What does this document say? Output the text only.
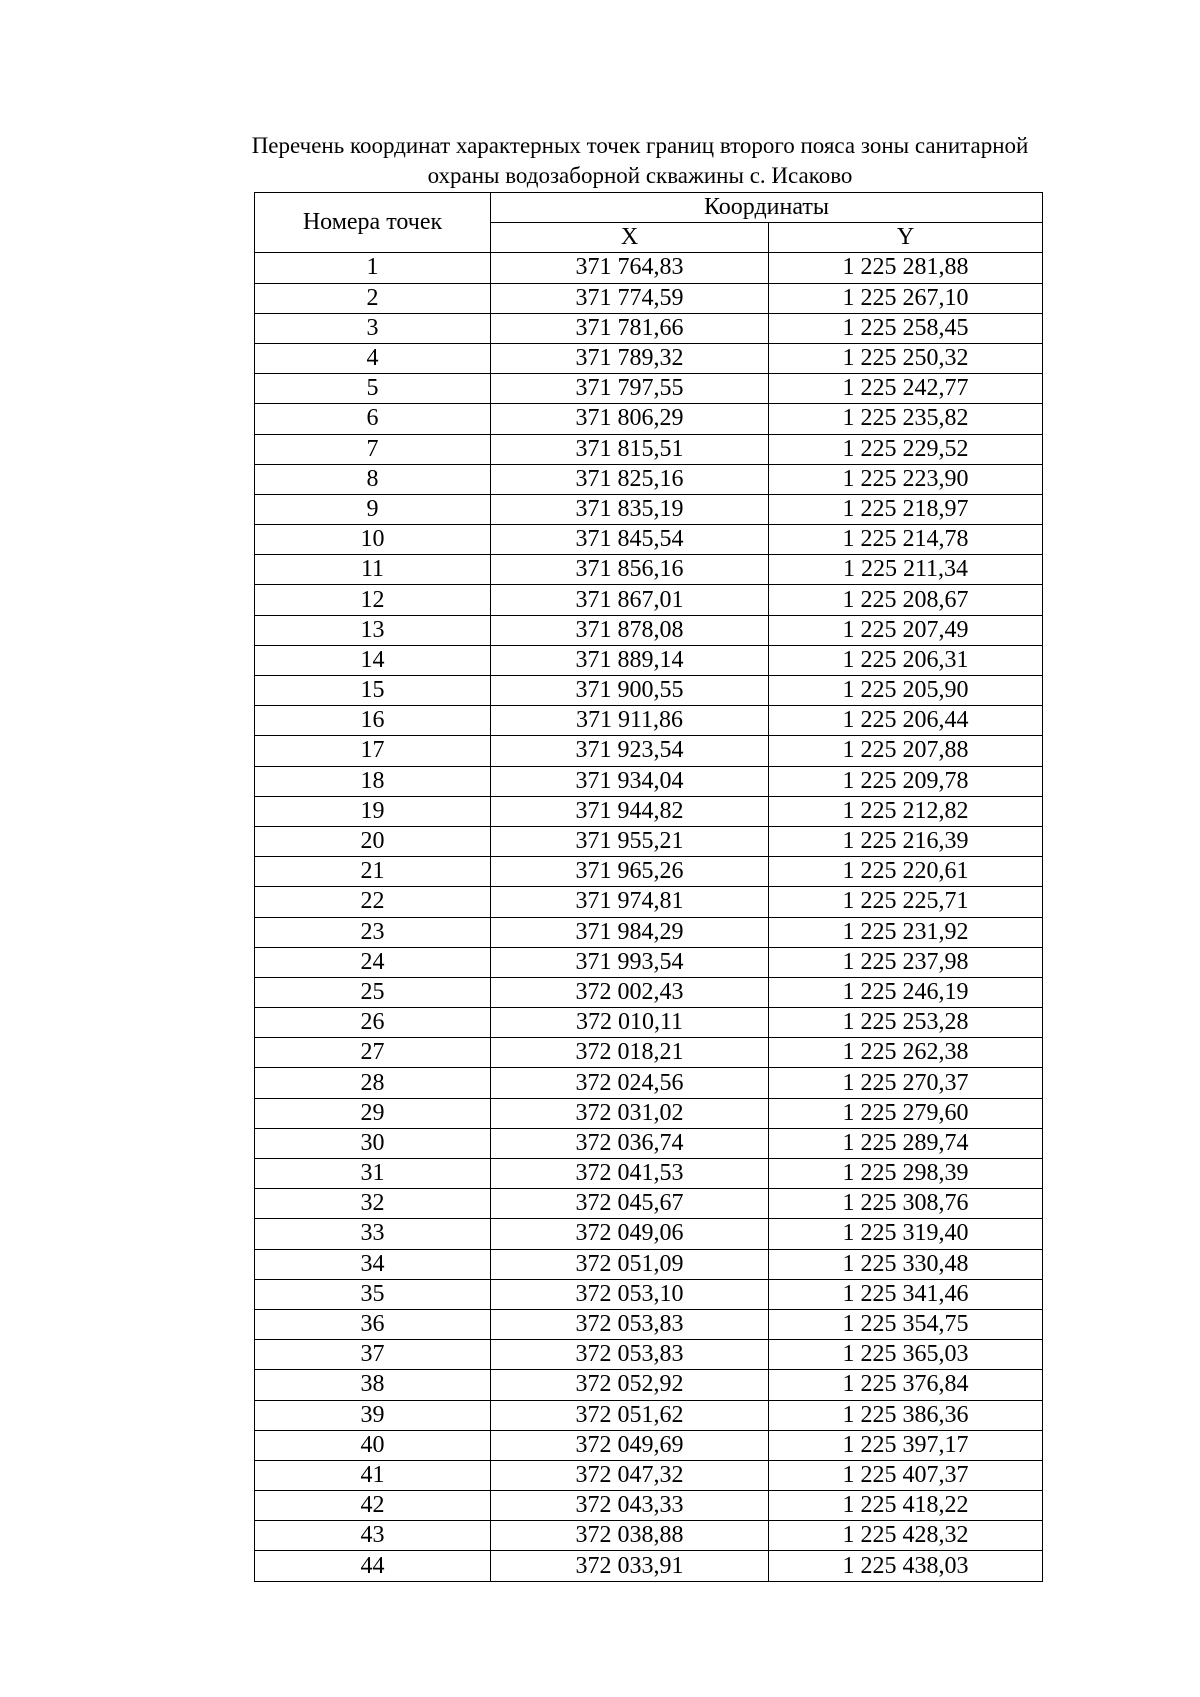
Перечень координат характерных точек границ второго пояса зоны санитарной
охраны водозаборной скважины с. Исаково
Номера точек	Координаты	
	X	Y
1	371 764,83	1 225 281,88
2	371 774,59	1 225 267,10
3	371 781,66	1 225 258,45
4	371 789,32	1 225 250,32
5	371 797,55	1 225 242,77
6	371 806,29	1 225 235,82
7	371 815,51	1 225 229,52
8	371 825,16	1 225 223,90
9	371 835,19	1 225 218,97
10	371 845,54	1 225 214,78
11	371 856,16	1 225 211,34
12	371 867,01	1 225 208,67
13	371 878,08	1 225 207,49
14	371 889,14	1 225 206,31
15	371 900,55	1 225 205,90
16	371 911,86	1 225 206,44
17	371 923,54	1 225 207,88
18	371 934,04	1 225 209,78
19	371 944,82	1 225 212,82
20	371 955,21	1 225 216,39
21	371 965,26	1 225 220,61
22	371 974,81	1 225 225,71
23	371 984,29	1 225 231,92
24	371 993,54	1 225 237,98
25	372 002,43	1 225 246,19
26	372 010,11	1 225 253,28
27	372 018,21	1 225 262,38
28	372 024,56	1 225 270,37
29	372 031,02	1 225 279,60
30	372 036,74	1 225 289,74
31	372 041,53	1 225 298,39
32	372 045,67	1 225 308,76
33	372 049,06	1 225 319,40
34	372 051,09	1 225 330,48
35	372 053,10	1 225 341,46
36	372 053,83	1 225 354,75
37	372 053,83	1 225 365,03
38	372 052,92	1 225 376,84
39	372 051,62	1 225 386,36
40	372 049,69	1 225 397,17
41	372 047,32	1 225 407,37
42	372 043,33	1 225 418,22
43	372 038,88	1 225 428,32
44	372 033,91	1 225 438,03
